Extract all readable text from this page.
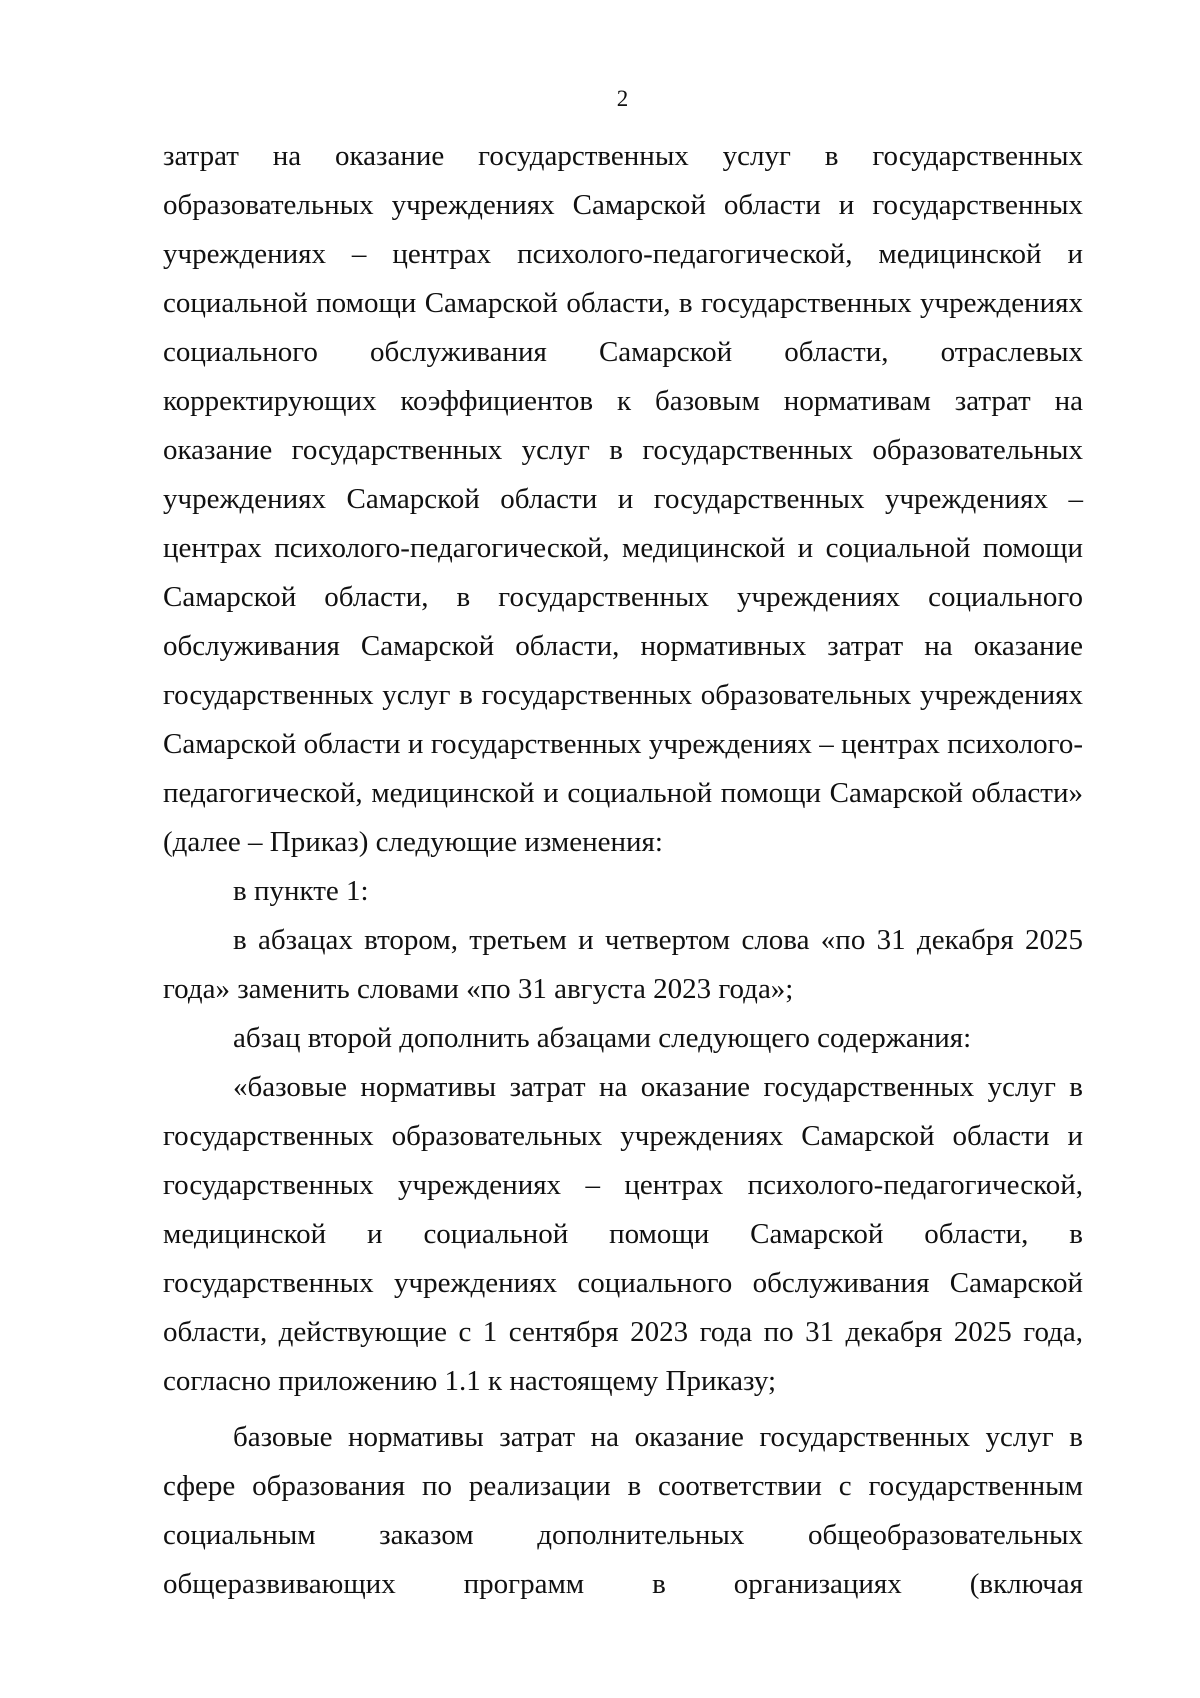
2

затрат на оказание государственных услуг в государственных образовательных учреждениях Самарской области и государственных учреждениях – центрах психолого-педагогической, медицинской и социальной помощи Самарской области, в государственных учреждениях социального обслуживания Самарской области, отраслевых корректирующих коэффициентов к базовым нормативам затрат на оказание государственных услуг в государственных образовательных учреждениях Самарской области и государственных учреждениях – центрах психолого-педагогической, медицинской и социальной помощи Самарской области, в государственных учреждениях социального обслуживания Самарской области, нормативных затрат на оказание государственных услуг в государственных образовательных учреждениях Самарской области и государственных учреждениях – центрах психолого-педагогической, медицинской и социальной помощи Самарской области» (далее – Приказ) следующие изменения:

в пункте 1:

в абзацах втором, третьем и четвертом слова «по 31 декабря 2025 года» заменить словами «по 31 августа 2023 года»;

абзац второй дополнить абзацами следующего содержания:

«базовые нормативы затрат на оказание государственных услуг в государственных образовательных учреждениях Самарской области и государственных учреждениях – центрах психолого-педагогической, медицинской и социальной помощи Самарской области, в государственных учреждениях социального обслуживания Самарской области, действующие с 1 сентября 2023 года по 31 декабря 2025 года, согласно приложению 1.1 к настоящему Приказу;

базовые нормативы затрат на оказание государственных услуг в сфере образования по реализации в соответствии с государственным социальным заказом дополнительных общеобразовательных общеразвивающих программ в организациях (включая
